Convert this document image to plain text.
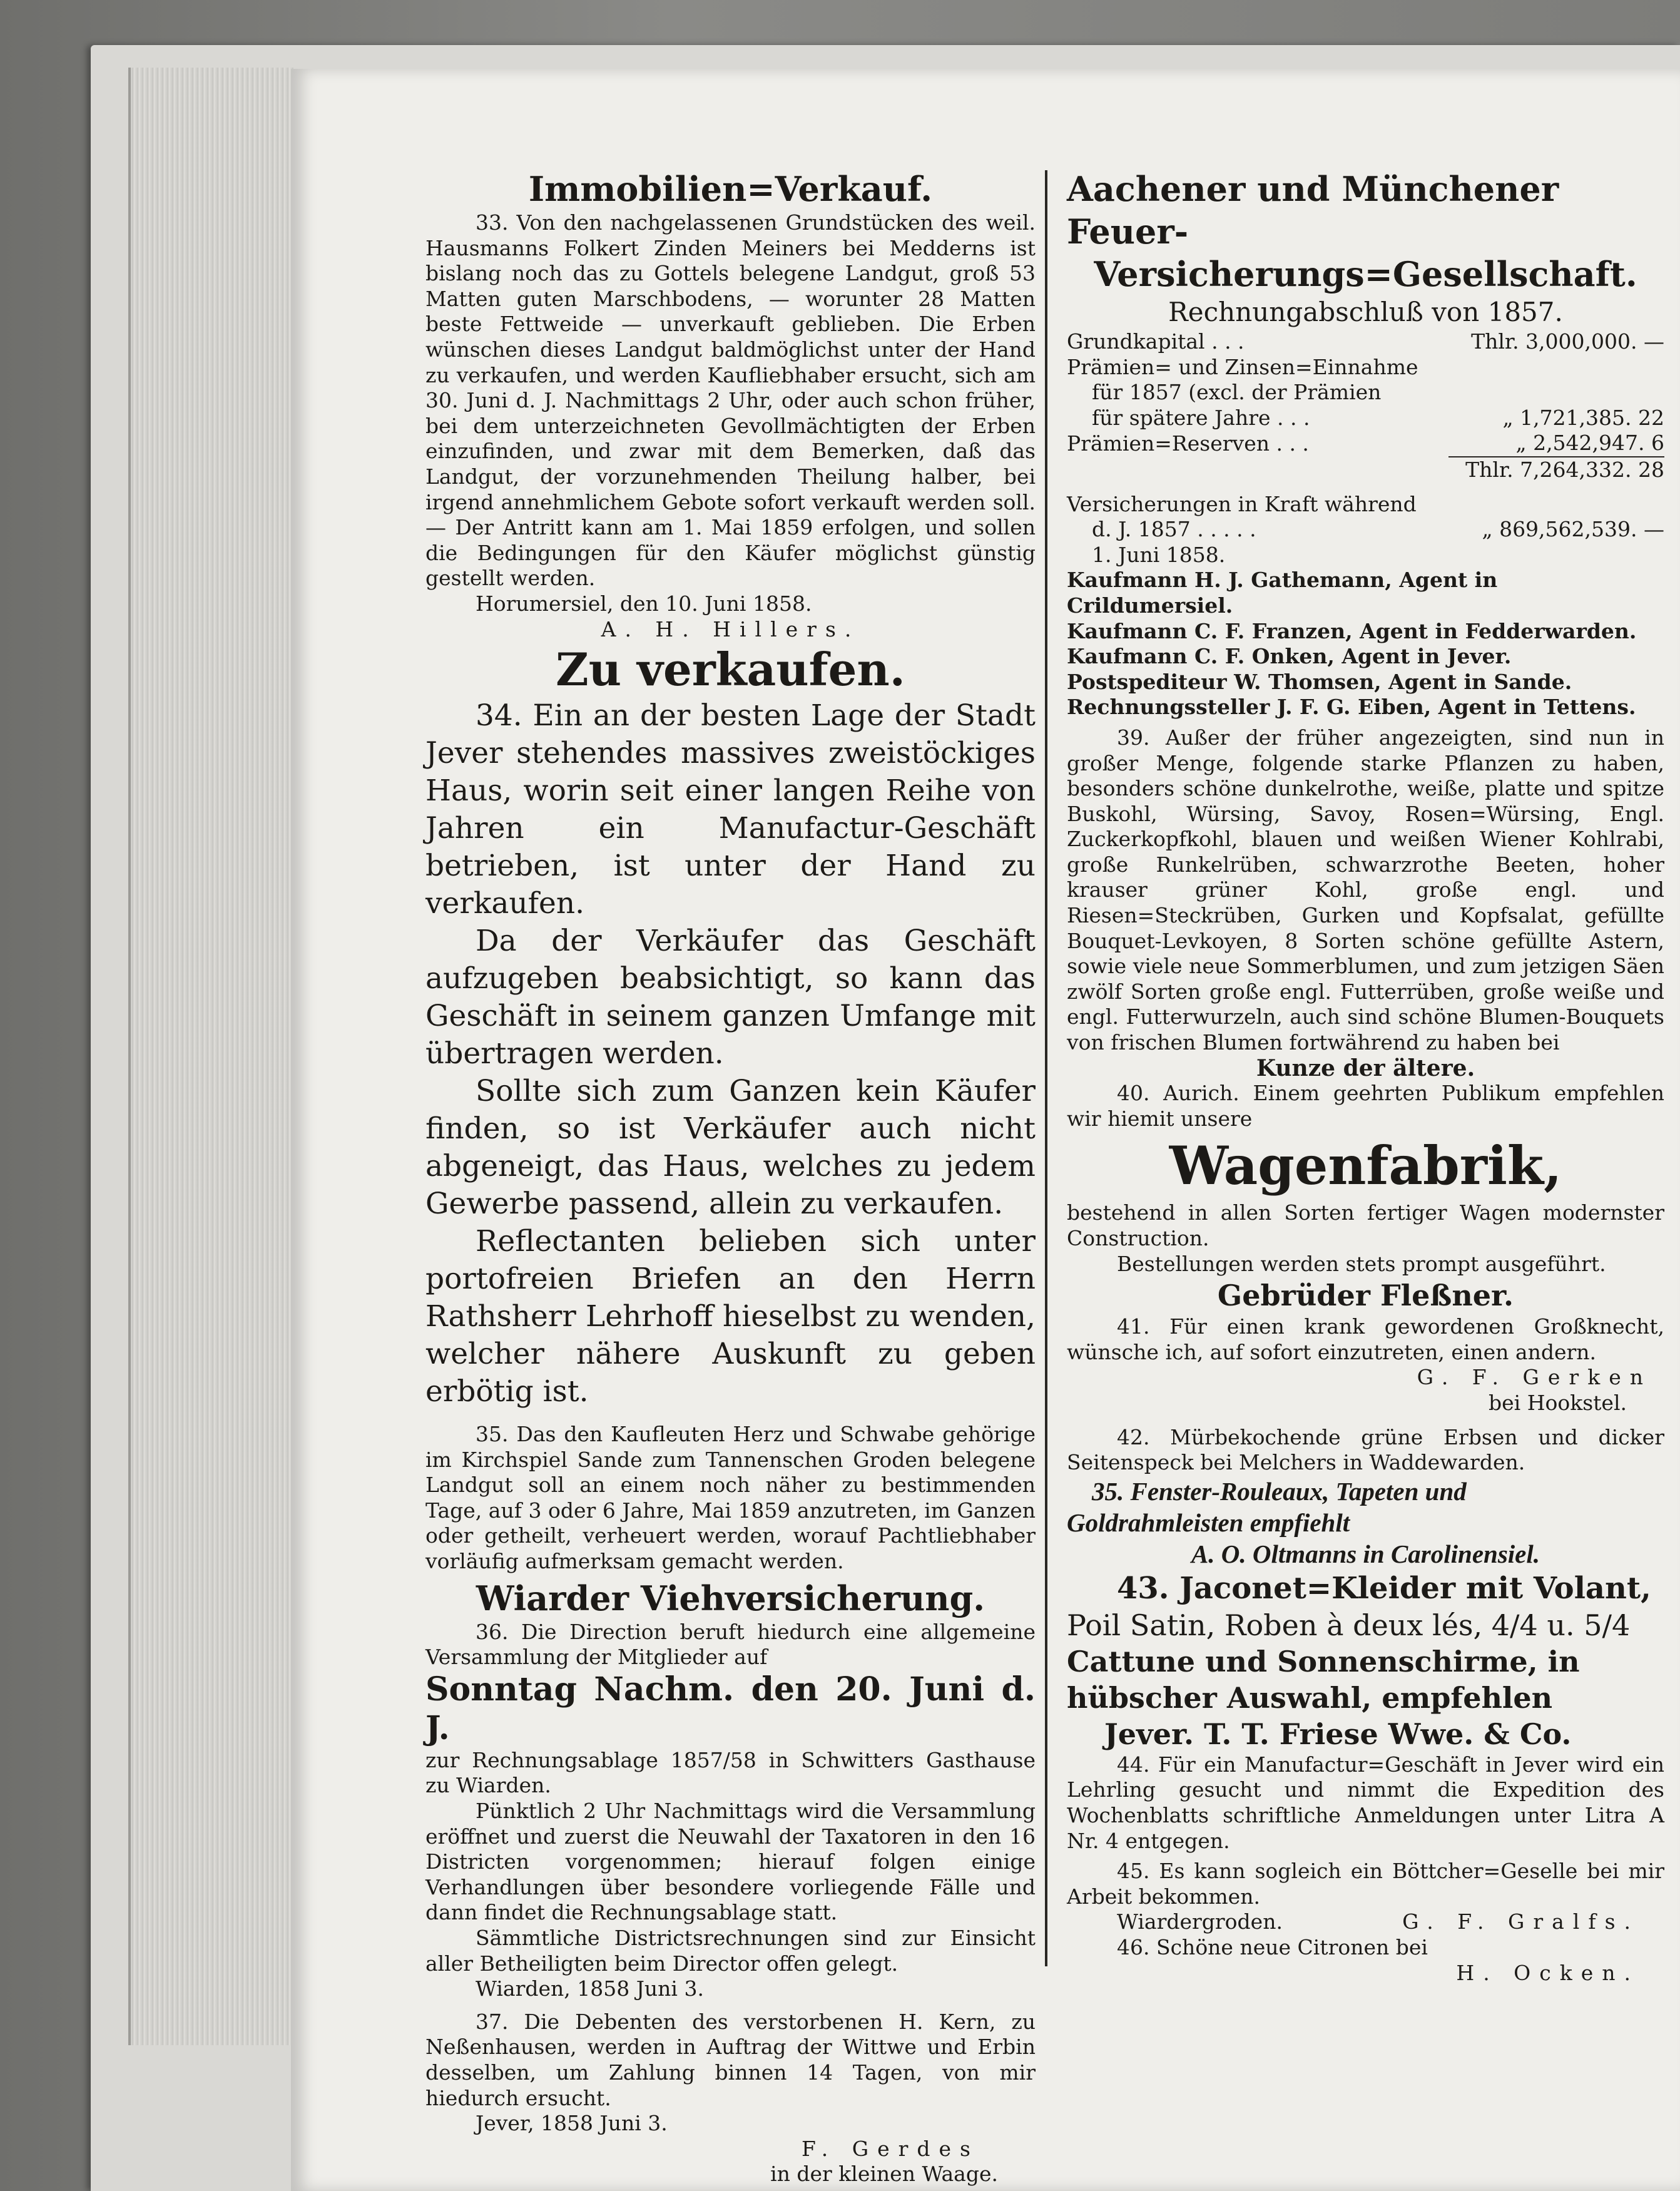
Immobilien=Verkauf.

33. Von den nachgelassenen Grundstücken des weil. Hausmanns Folkert Zinden Meiners bei Medderns ist bislang noch das zu Gottels belegene Landgut, groß 53 Matten guten Marschbodens, — worunter 28 Matten beste Fettweide — unverkauft geblieben. Die Erben wünschen dieses Landgut baldmöglichst unter der Hand zu verkaufen, und werden Kaufliebhaber ersucht, sich am 30. Juni d. J. Nachmittags 2 Uhr, oder auch schon früher, bei dem unterzeichneten Gevollmächtigten der Erben einzufinden, und zwar mit dem Bemerken, daß das Landgut, der vorzunehmenden Theilung halber, bei irgend annehmlichem Gebote sofort verkauft werden soll. — Der Antritt kann am 1. Mai 1859 erfolgen, und sollen die Bedingungen für den Käufer möglichst günstig gestellt werden.

Horumersiel, den 10. Juni 1858.

A. H. Hillers.

Zu verkaufen.

34. Ein an der besten Lage der Stadt Jever stehendes massives zweistöckiges Haus, worin seit einer langen Reihe von Jahren ein Manufactur-Geschäft betrieben, ist unter der Hand zu verkaufen.

Da der Verkäufer das Geschäft aufzugeben beabsichtigt, so kann das Geschäft in seinem ganzen Umfange mit übertragen werden.

Sollte sich zum Ganzen kein Käufer finden, so ist Verkäufer auch nicht abgeneigt, das Haus, welches zu jedem Gewerbe passend, allein zu verkaufen.

Reflectanten belieben sich unter portofreien Briefen an den Herrn Rathsherr Lehrhoff hieselbst zu wenden, welcher nähere Auskunft zu geben erbötig ist.

35. Das den Kaufleuten Herz und Schwabe gehörige im Kirchspiel Sande zum Tannenschen Groden belegene Landgut soll an einem noch näher zu bestimmenden Tage, auf 3 oder 6 Jahre, Mai 1859 anzutreten, im Ganzen oder getheilt, verheuert werden, worauf Pachtliebhaber vorläufig aufmerksam gemacht werden.

Wiarder Viehversicherung.

36. Die Direction beruft hiedurch eine allgemeine Versammlung der Mitglieder auf

Sonntag Nachm. den 20. Juni d. J.

zur Rechnungsablage 1857/58 in Schwitters Gasthause zu Wiarden.

Pünktlich 2 Uhr Nachmittags wird die Versammlung eröffnet und zuerst die Neuwahl der Taxatoren in den 16 Districten vorgenommen; hierauf folgen einige Verhandlungen über besondere vorliegende Fälle und dann findet die Rechnungsablage statt.

Sämmtliche Districtsrechnungen sind zur Einsicht aller Betheiligten beim Director offen gelegt.

Wiarden, 1858 Juni 3.

37. Die Debenten des verstorbenen H. Kern, zu Neßenhausen, werden in Auftrag der Wittwe und Erbin desselben, um Zahlung binnen 14 Tagen, von mir hiedurch ersucht.

Jever, 1858 Juni 3.

F. Gerdes

in der kleinen Waage.

Aachener und Münchener Feuer-

Versicherungs=Gesellschaft.

Rechnungabschluß von 1857.

Grundkapital . . .	Thlr. 3,000,000. —
Prämien= und Zinsen=Einnahme	
für 1857 (excl. der Prämien	
für spätere Jahre . . .	„ 1,721,385. 22
Prämien=Reserven . . .	„ 2,542,947. 6
	Thlr. 7,264,332. 28

Versicherungen in Kraft während

d. J. 1857 . . . . .	„ 869,562,539. —

1. Juni 1858.

Kaufmann H. J. Gathemann, Agent in Crildumersiel.

Kaufmann C. F. Franzen, Agent in Fedderwarden.

Kaufmann C. F. Onken, Agent in Jever.

Postspediteur W. Thomsen, Agent in Sande.

Rechnungssteller J. F. G. Eiben, Agent in Tettens.

39. Außer der früher angezeigten, sind nun in großer Menge, folgende starke Pflanzen zu haben, besonders schöne dunkelrothe, weiße, platte und spitze Buskohl, Würsing, Savoy, Rosen=Würsing, Engl. Zuckerkopfkohl, blauen und weißen Wiener Kohlrabi, große Runkelrüben, schwarzrothe Beeten, hoher krauser grüner Kohl, große engl. und Riesen=Steckrüben, Gurken und Kopfsalat, gefüllte Bouquet-Levkoyen, 8 Sorten schöne gefüllte Astern, sowie viele neue Sommerblumen, und zum jetzigen Säen zwölf Sorten große engl. Futterrüben, große weiße und engl. Futterwurzeln, auch sind schöne Blumen-Bouquets von frischen Blumen fortwährend zu haben bei

Kunze der ältere.

40. Aurich. Einem geehrten Publikum empfehlen wir hiemit unsere

Wagenfabrik,

bestehend in allen Sorten fertiger Wagen modernster Construction.

Bestellungen werden stets prompt ausgeführt.

Gebrüder Fleßner.

41. Für einen krank gewordenen Großknecht, wünsche ich, auf sofort einzutreten, einen andern.

G. F. Gerken

bei Hookstel.

42. Mürbekochende grüne Erbsen und dicker Seitenspeck bei Melchers in Waddewarden.

35. Fenster-Rouleaux, Tapeten und

Goldrahmleisten empfiehlt

A. O. Oltmanns in Carolinensiel.

43. Jaconet=Kleider mit Volant,

Poil Satin, Roben à deux lés, 4/4 u. 5/4

Cattune und Sonnenschirme, in hübscher Auswahl, empfehlen

Jever. T. T. Friese Wwe. & Co.

44. Für ein Manufactur=Geschäft in Jever wird ein Lehrling gesucht und nimmt die Expedition des Wochenblatts schriftliche Anmeldungen unter Litra A Nr. 4 entgegen.

45. Es kann sogleich ein Böttcher=Geselle bei mir Arbeit bekommen.

Wiardergroden.	G. F. Gralfs.

46. Schöne neue Citronen bei

H. Ocken.
